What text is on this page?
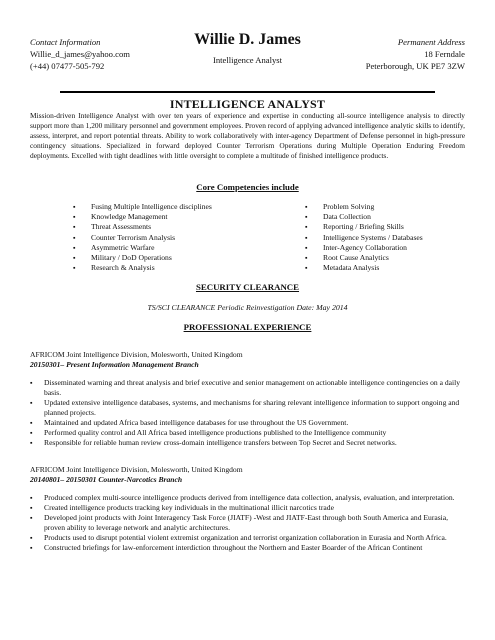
Contact Information
Willie_d_james@yahoo.com
(+44) 07477-505-792
Willie D. James
Intelligence Analyst
Permanent Address
18 Ferndale
Peterborough, UK PE7 3ZW
INTELLIGENCE ANALYST
Mission-driven Intelligence Analyst with over ten years of experience and expertise in conducting all-source intelligence analysis to directly support more than 1,200 military personnel and government employees. Proven record of applying advanced intelligence analytic skills to identify, assess, interpret, and report potential threats. Ability to work collaboratively with inter-agency Department of Defense personnel in high-pressure contingency situations. Specialized in forward deployed Counter Terrorism Operations during Multiple Operation Enduring Freedom deployments. Excelled with tight deadlines with little oversight to complete a multitude of finished intelligence products.
Core Competencies include
▪ Fusing Multiple Intelligence disciplines
▪ Knowledge Management
▪ Threat Assessments
▪ Counter Terrorism Analysis
▪ Asymmetric Warfare
▪ Military / DoD Operations
▪ Research & Analysis
▪ Problem Solving
▪ Data Collection
▪ Reporting / Briefing Skills
▪ Intelligence Systems / Databases
▪ Inter-Agency Collaboration
▪ Root Cause Analytics
▪ Metadata Analysis
SECURITY CLEARANCE
TS/SCI CLEARANCE Periodic Reinvestigation Date: May 2014
PROFESSIONAL EXPERIENCE
AFRICOM Joint Intelligence Division, Molesworth, United Kingdom
20150301– Present Information Management Branch
▪ Disseminated warning and threat analysis and brief executive and senior management on actionable intelligence contingencies on a daily basis.
▪ Updated extensive intelligence databases, systems, and mechanisms for sharing relevant intelligence information to support ongoing and planned projects.
▪ Maintained and updated Africa based intelligence databases for use throughout the US Government.
▪ Performed quality control and All Africa based intelligence productions published to the Intelligence community
▪ Responsible for reliable human review cross-domain intelligence transfers between Top Secret and Secret networks.
AFRICOM Joint Intelligence Division, Molesworth, United Kingdom
20140801– 20150301 Counter-Narcotics Branch
▪ Produced complex multi-source intelligence products derived from intelligence data collection, analysis, evaluation, and interpretation.
▪ Created intelligence products tracking key individuals in the multinational illicit narcotics trade
▪ Developed joint products with Joint Interagency Task Force (JIATF) -West and JIATF-East through both South America and Eurasia, proven ability to leverage network and analytic architectures.
▪ Products used to disrupt potential violent extremist organization and terrorist organization collaboration in Eurasia and North Africa.
▪ Constructed briefings for law-enforcement interdiction throughout the Northern and Easter Boarder of the African Continent
